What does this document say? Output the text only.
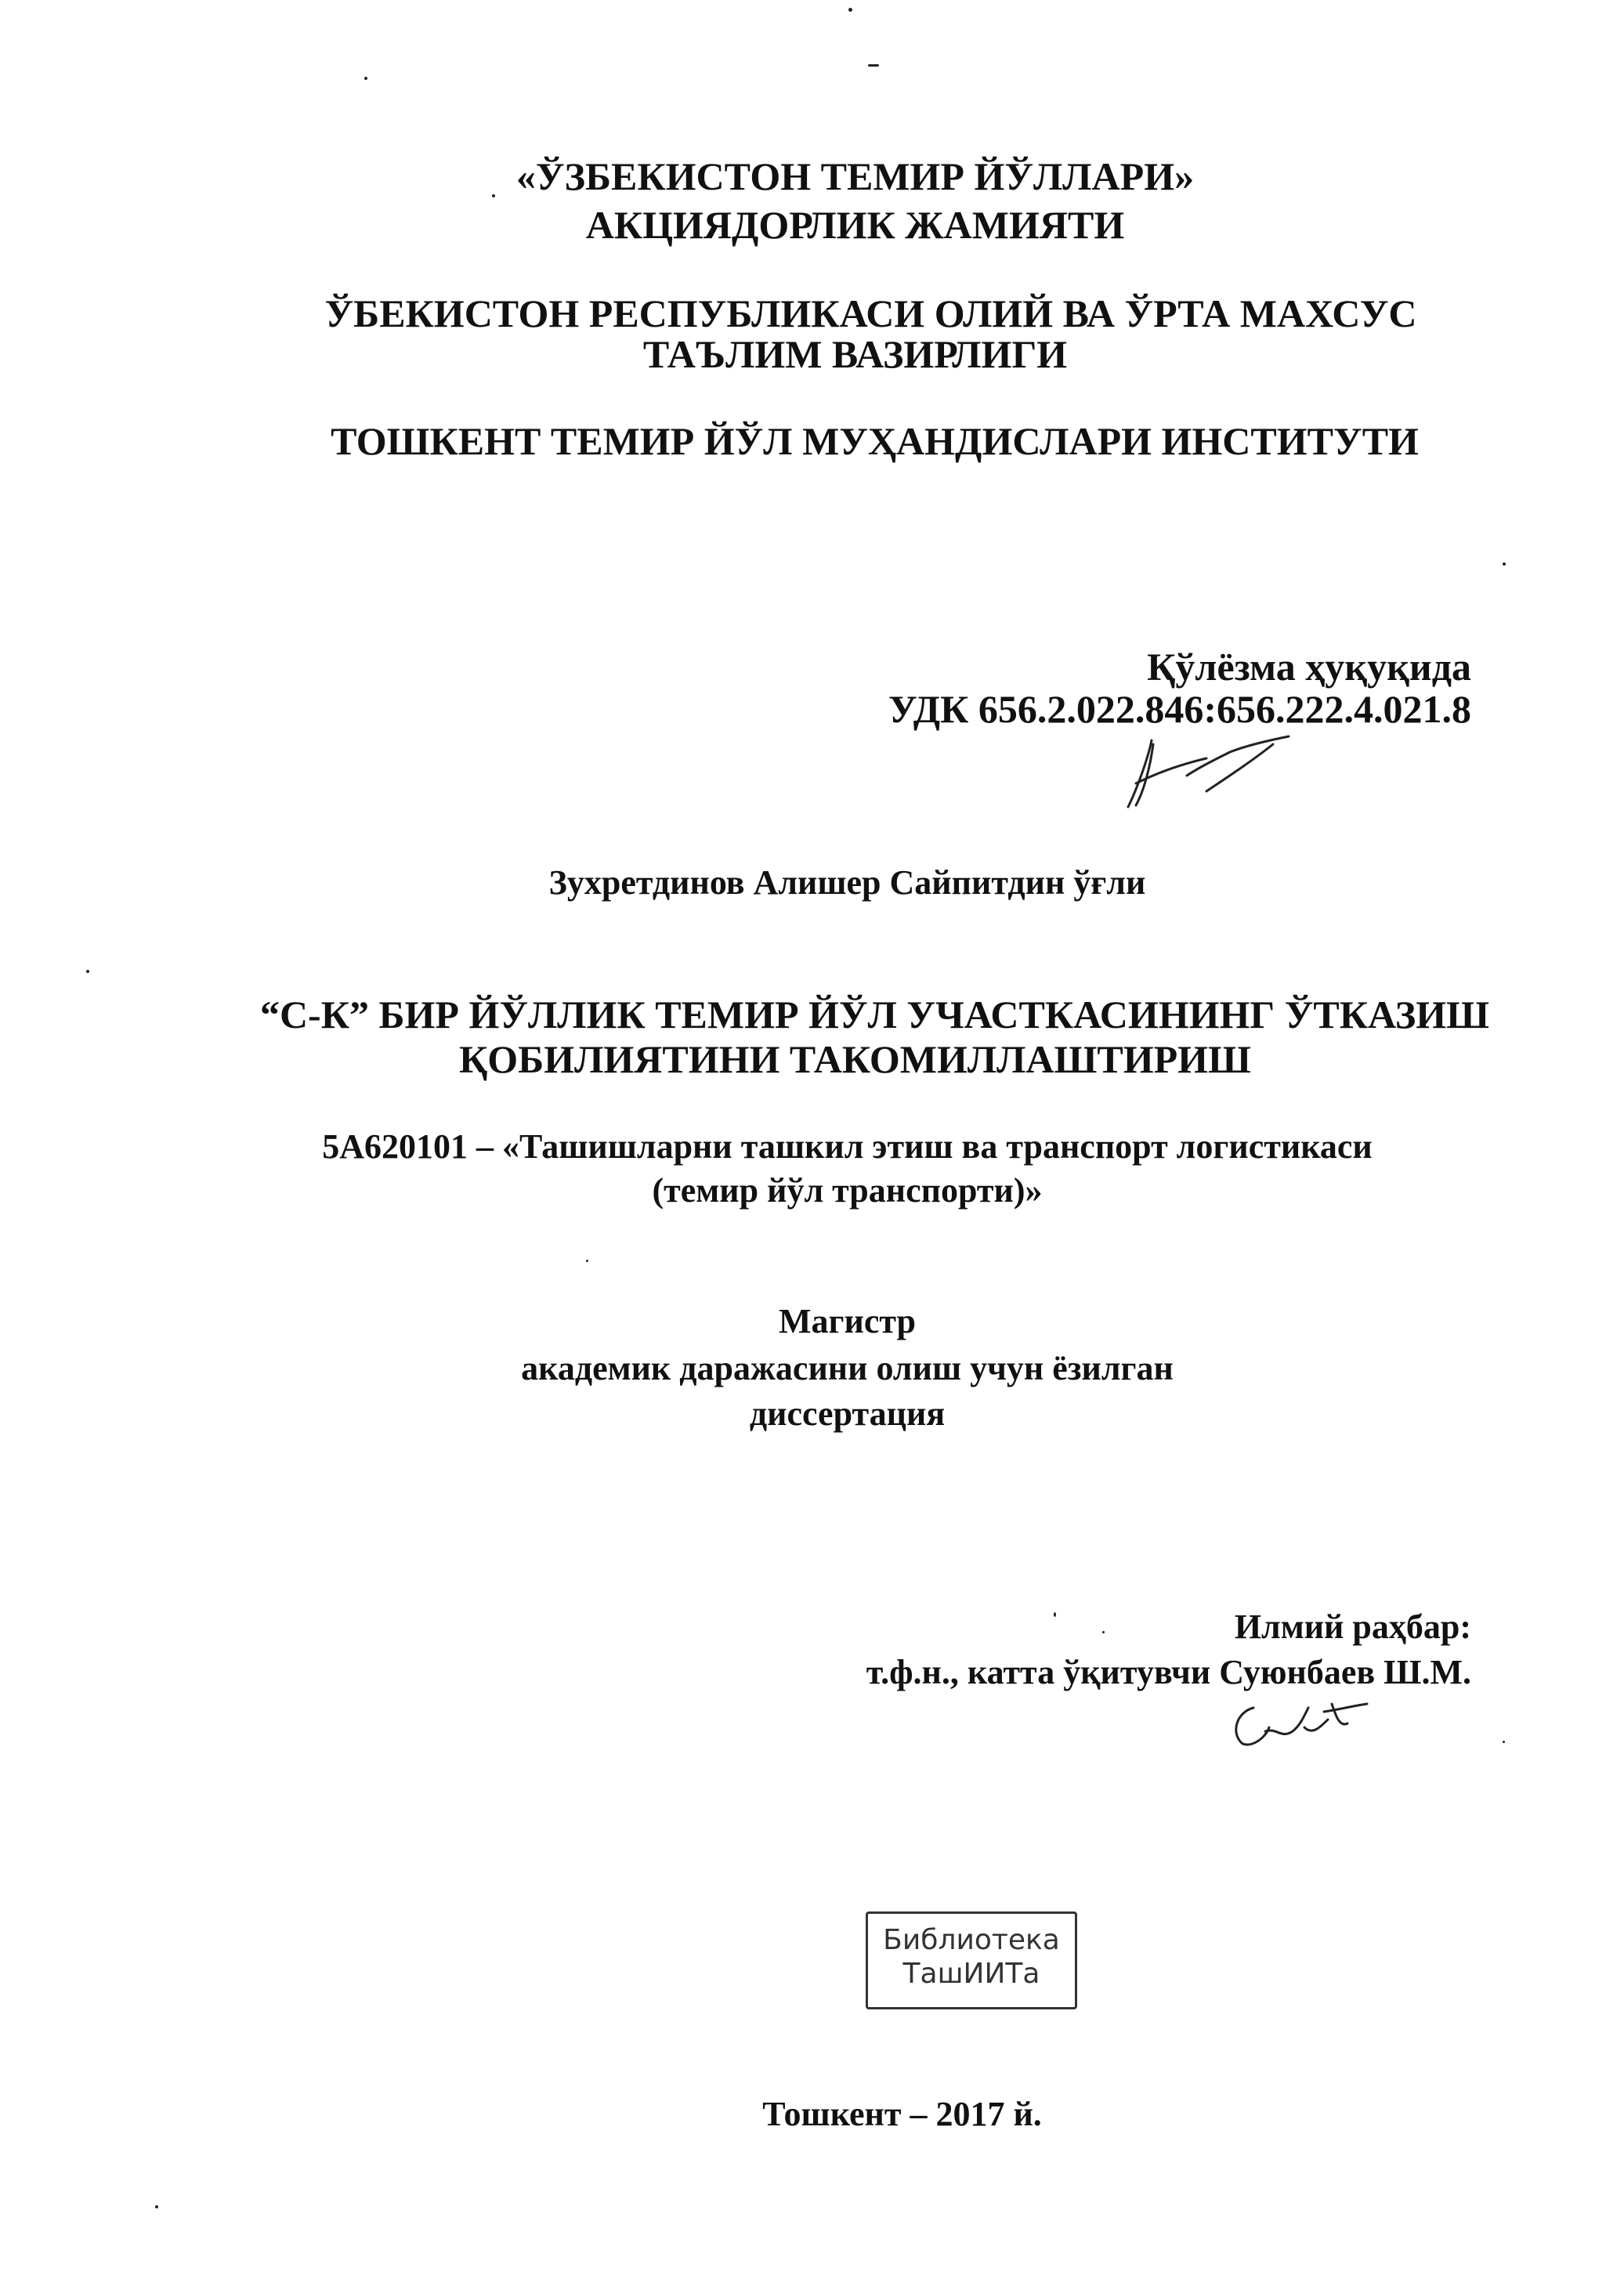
«ЎЗБЕКИСТОН ТЕМИР ЙЎЛЛАРИ»
АКЦИЯДОРЛИК ЖАМИЯТИ
ЎБЕКИСТОН РЕСПУБЛИКАСИ ОЛИЙ ВА ЎРТА МАХСУС
ТАЪЛИМ ВАЗИРЛИГИ
ТОШКЕНТ ТЕМИР ЙЎЛ МУҲАНДИСЛАРИ ИНСТИТУТИ
Қўлёзма ҳуқуқида
УДК 656.2.022.846:656.222.4.021.8
Зухретдинов Алишер Сайпитдин ўғли
“С-К” БИР ЙЎЛЛИК ТЕМИР ЙЎЛ УЧАСТКАСИНИНГ ЎТКАЗИШ
ҚОБИЛИЯТИНИ ТАКОМИЛЛАШТИРИШ
5А620101 – «Ташишларни ташкил этиш ва транспорт логистикаси
(темир йўл транспорти)»
Магистр
академик даражасини олиш учун ёзилган
диссертация
Илмий раҳбар:
т.ф.н., катта ўқитувчи Суюнбаев Ш.М.
Библиотека
ТашИИТа
Тошкент – 2017 й.
